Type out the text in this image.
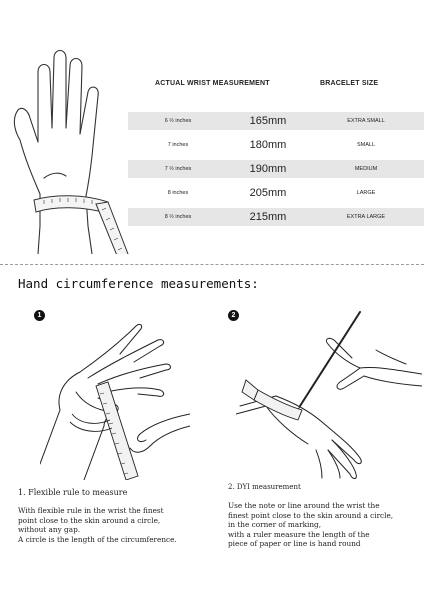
ACTUAL WRIST MEASUREMENT	BRACELET SIZE
6 ½ inches	165mm	EXTRA SMALL
7 inches	180mm	SMALL
7 ½ inches	190mm	MEDIUM
8 inches	205mm	LARGE
8 ½ inches	215mm	EXTRA LARGE
Hand circumference measurements:
1	2
1. Flexible rule to measure
2. DYI measurement

With flexible rule in the wrist the finest

point close to the skin around a circle,

without any gap.

A circle is the length of the circumference.

Use the note or line around the wrist the

finest point close to the skin around a circle,

in the corner of marking,

with a ruler measure the length of the

piece of paper or line is hand round
